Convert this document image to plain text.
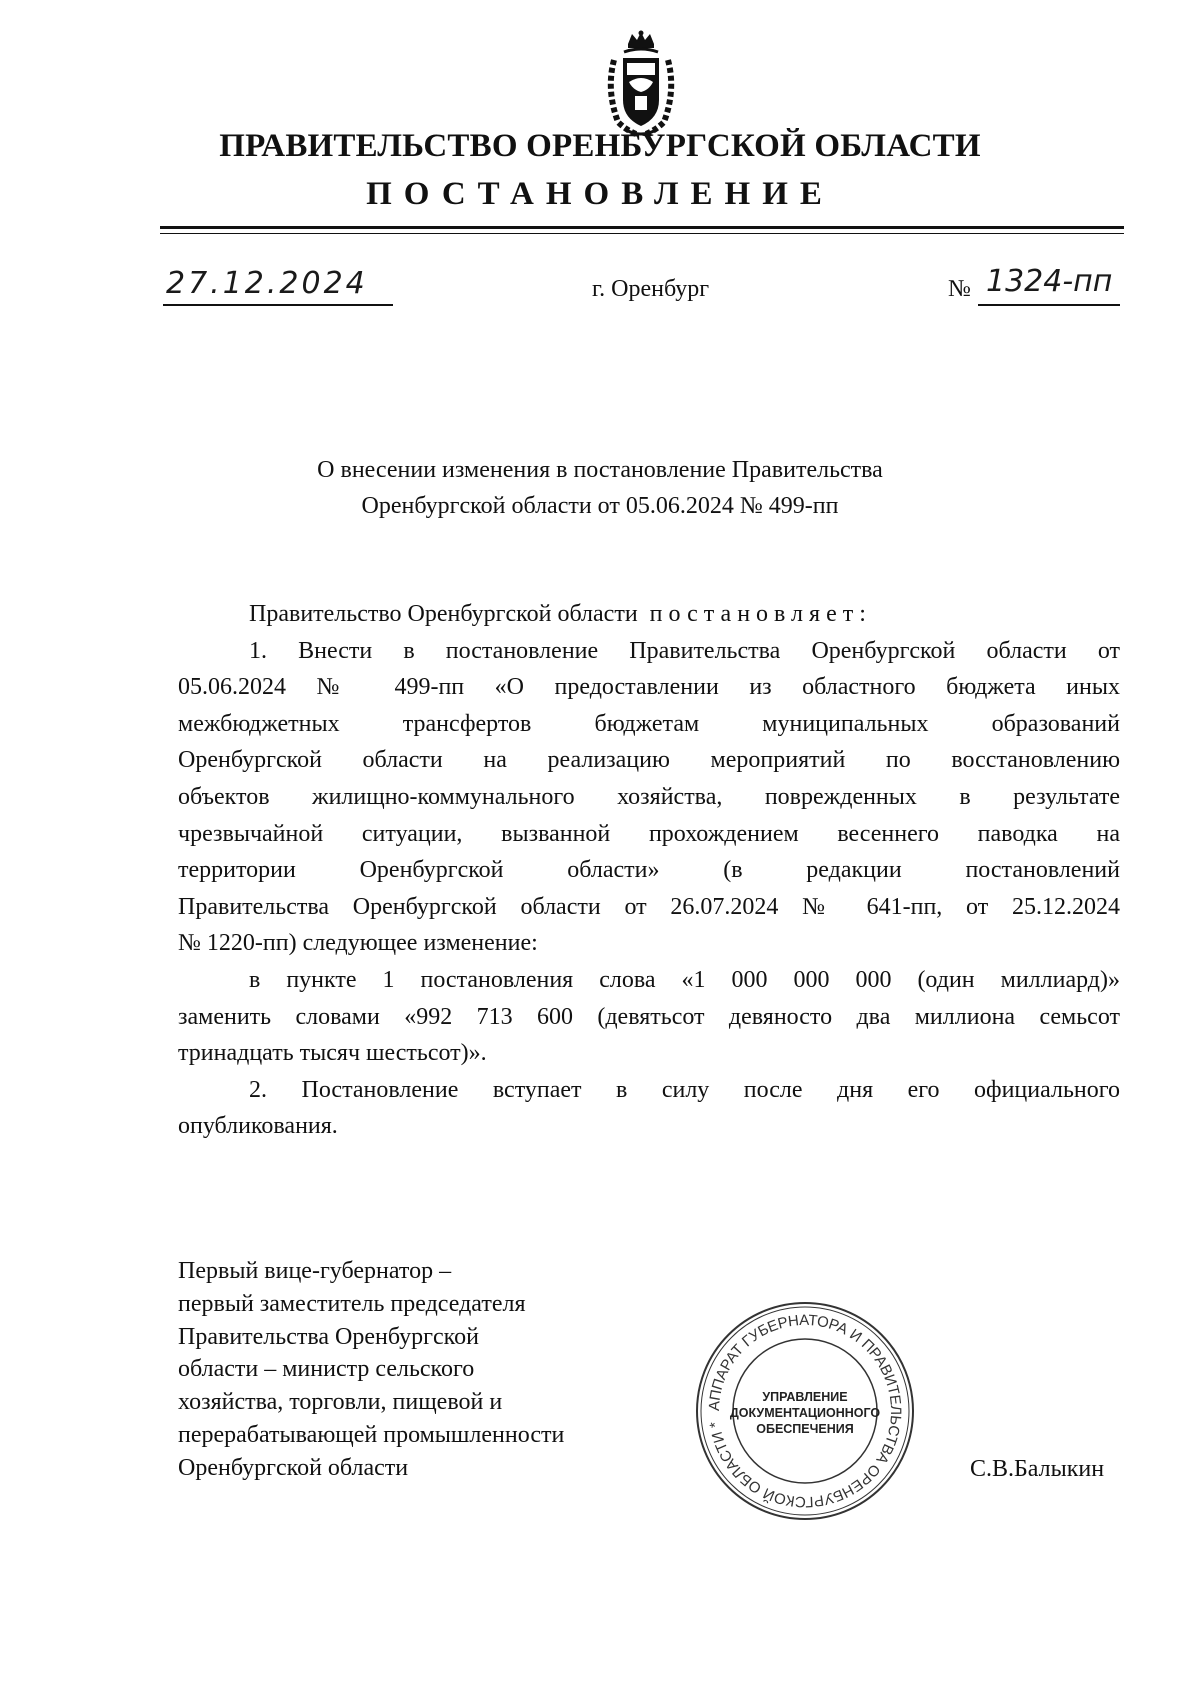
ПРАВИТЕЛЬСТВО ОРЕНБУРГСКОЙ ОБЛАСТИ
ПОСТАНОВЛЕНИЕ
27.12.2024	г. Оренбург	№ 1324-пп
О внесении изменения в постановление Правительства
Оренбургской области от 05.06.2024 № 499-пп

Правительство Оренбургской области постановляет:

1. Внести в постановление Правительства Оренбургской области от

05.06.2024 № 499-пп «О предоставлении из областного бюджета иных

межбюджетных трансфертов бюджетам муниципальных образований

Оренбургской области на реализацию мероприятий по восстановлению

объектов жилищно-коммунального хозяйства, поврежденных в результате

чрезвычайной ситуации, вызванной прохождением весеннего паводка на

территории Оренбургской области» (в редакции постановлений

Правительства Оренбургской области от 26.07.2024 № 641-пп, от 25.12.2024

№ 1220-пп) следующее изменение:

в пункте 1 постановления слова «1 000 000 000 (один миллиард)»

заменить словами «992 713 600 (девятьсот девяносто два миллиона семьсот

тринадцать тысяч шестьсот)».

2. Постановление вступает в силу после дня его официального

опубликования.

Первый вице-губернатор –
первый заместитель председателя
Правительства Оренбургской
области – министр сельского
хозяйства, торговли, пищевой и
перерабатывающей промышленности
Оренбургской области	С.В.Балыкин
АППАРАТ ГУБЕРНАТОРА И ПРАВИТЕЛЬСТВА ОРЕНБУРГСКОЙ ОБЛАСТИ *
УПРАВЛЕНИЕ
ДОКУМЕНТАЦИОННОГО
ОБЕСПЕЧЕНИЯ
